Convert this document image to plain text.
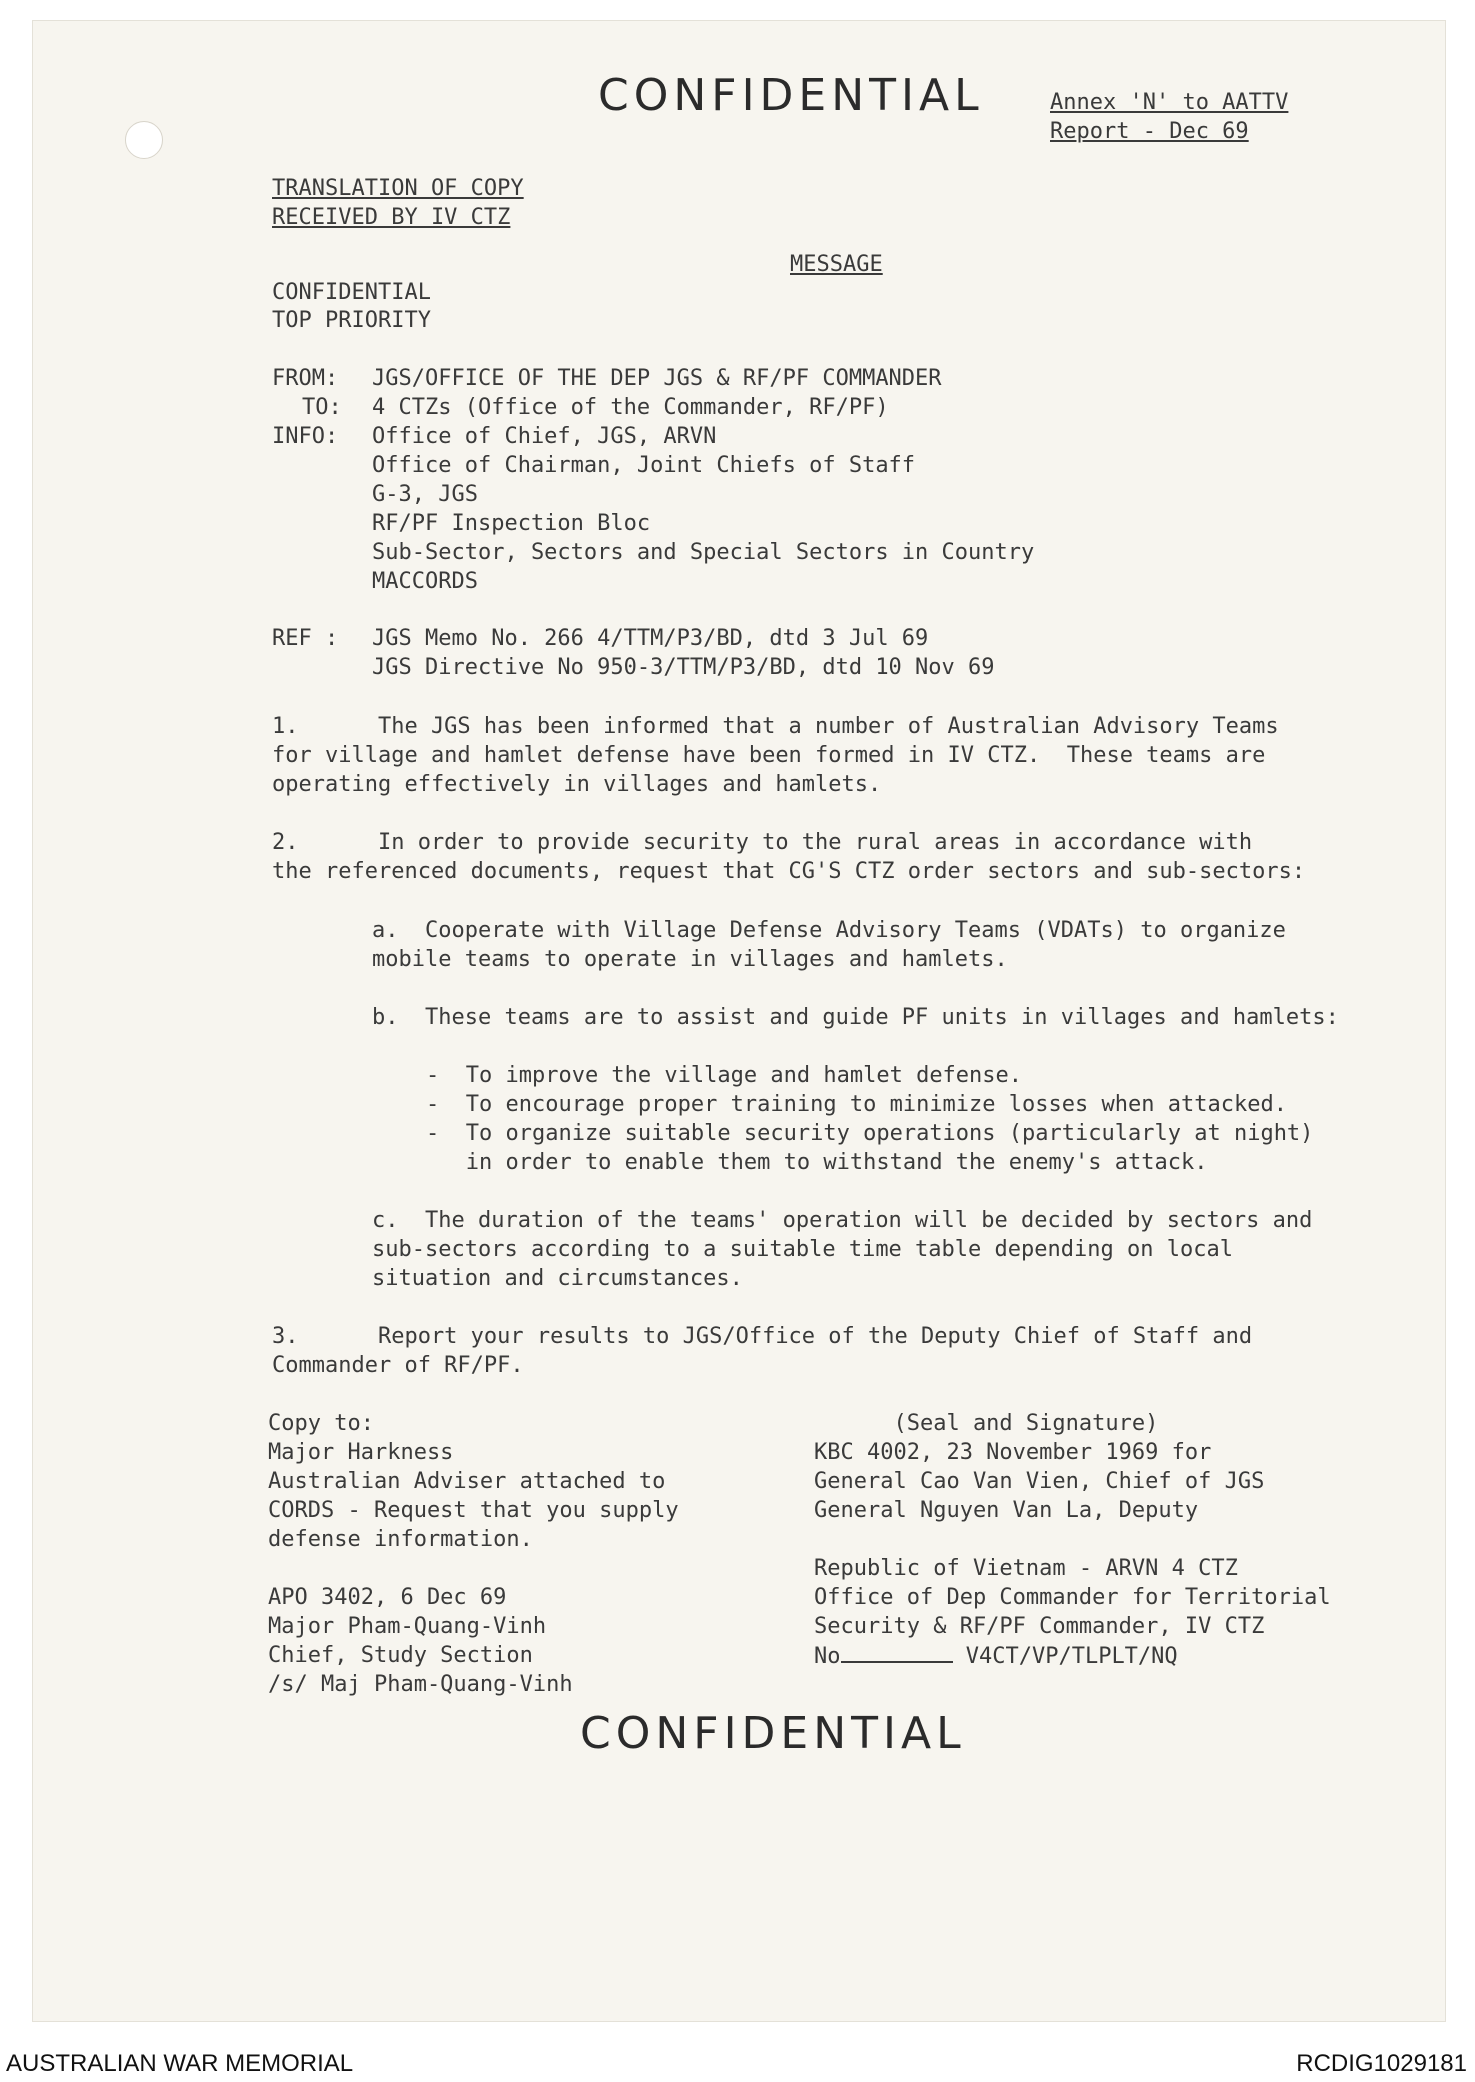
CONFIDENTIAL	Annex 'N' to AATTV
Report - Dec 69
TRANSLATION OF COPY
RECEIVED BY IV CTZ
MESSAGE
CONFIDENTIAL
TOP PRIORITY
FROM: JGS/OFFICE OF THE DEP JGS & RF/PF COMMANDER
TO: 4 CTZs (Office of the Commander, RF/PF)
INFO: Office of Chief, JGS, ARVN
Office of Chairman, Joint Chiefs of Staff
G-3, JGS
RF/PF Inspection Bloc
Sub-Sector, Sectors and Special Sectors in Country
MACCORDS
REF : JGS Memo No. 266 4/TTM/P3/BD, dtd 3 Jul 69
JGS Directive No 950-3/TTM/P3/BD, dtd 10 Nov 69
1.      The JGS has been informed that a number of Australian Advisory Teams
for village and hamlet defense have been formed in IV CTZ.  These teams are
operating effectively in villages and hamlets.
2.      In order to provide security to the rural areas in accordance with
the referenced documents, request that CG'S CTZ order sectors and sub-sectors:
a.  Cooperate with Village Defense Advisory Teams (VDATs) to organize
mobile teams to operate in villages and hamlets.
b.  These teams are to assist and guide PF units in villages and hamlets:
-  To improve the village and hamlet defense.
-  To encourage proper training to minimize losses when attacked.
-  To organize suitable security operations (particularly at night)
in order to enable them to withstand the enemy's attack.
c.  The duration of the teams' operation will be decided by sectors and
sub-sectors according to a suitable time table depending on local
situation and circumstances.
3.      Report your results to JGS/Office of the Deputy Chief of Staff and
Commander of RF/PF.
Copy to:
Major Harkness
Australian Adviser attached to
CORDS - Request that you supply
defense information.
APO 3402, 6 Dec 69
Major Pham-Quang-Vinh
Chief, Study Section
/s/ Maj Pham-Quang-Vinh
(Seal and Signature)
KBC 4002, 23 November 1969 for
General Cao Van Vien, Chief of JGS
General Nguyen Van La, Deputy
Republic of Vietnam - ARVN 4 CTZ
Office of Dep Commander for Territorial
Security & RF/PF Commander, IV CTZ
No	V4CT/VP/TLPLT/NQ
CONFIDENTIAL
AUSTRALIAN WAR MEMORIAL	RCDIG1029181
